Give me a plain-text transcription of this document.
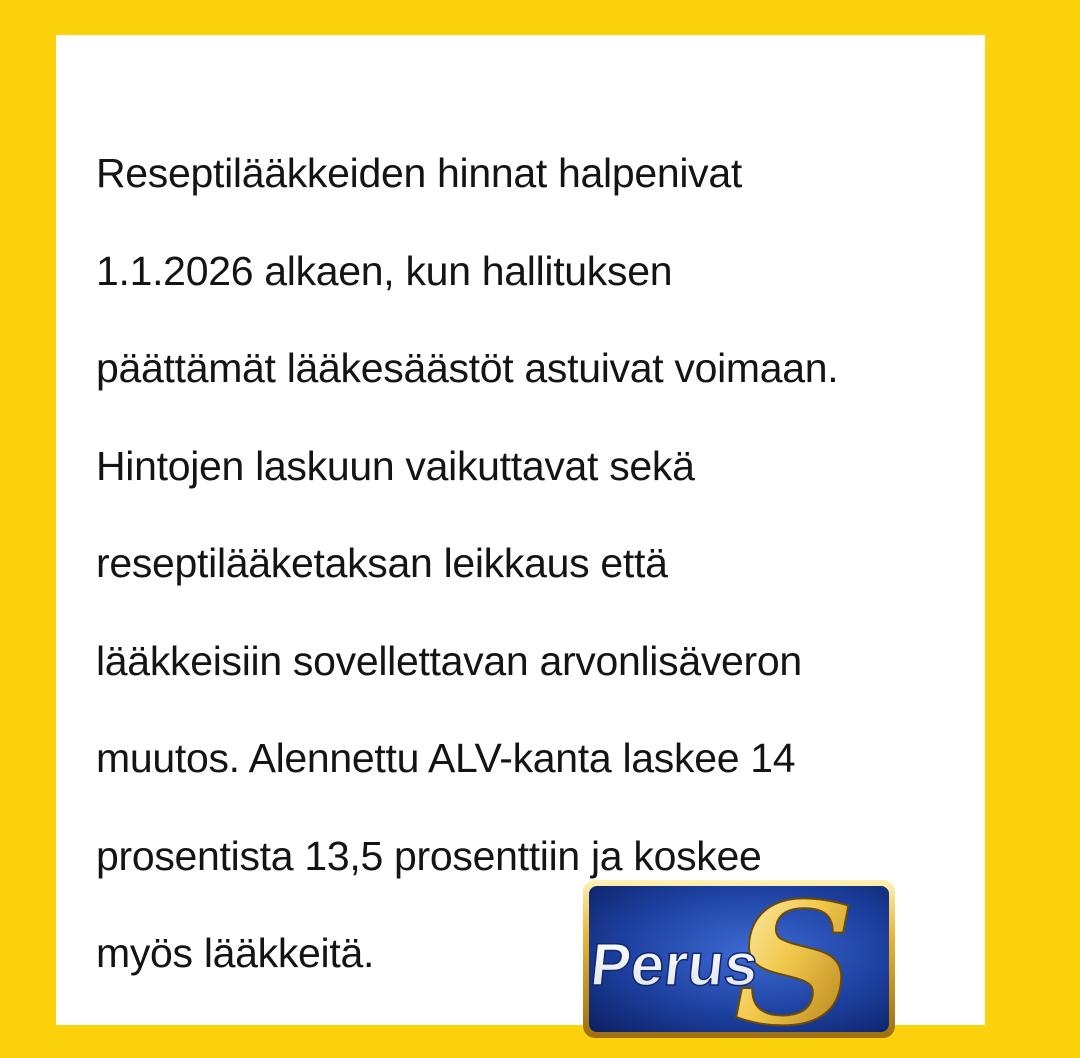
Reseptilääkkeiden hinnat halpenivat
1.1.2026 alkaen, kun hallituksen
päättämät lääkesäästöt astuivat voimaan.
Hintojen laskuun vaikuttavat sekä
reseptilääketaksan leikkaus että
lääkkeisiin sovellettavan arvonlisäveron
muutos. Alennettu ALV-kanta laskee 14
prosentista 13,5 prosenttiin ja koskee
myös lääkkeitä.	S
Perus
